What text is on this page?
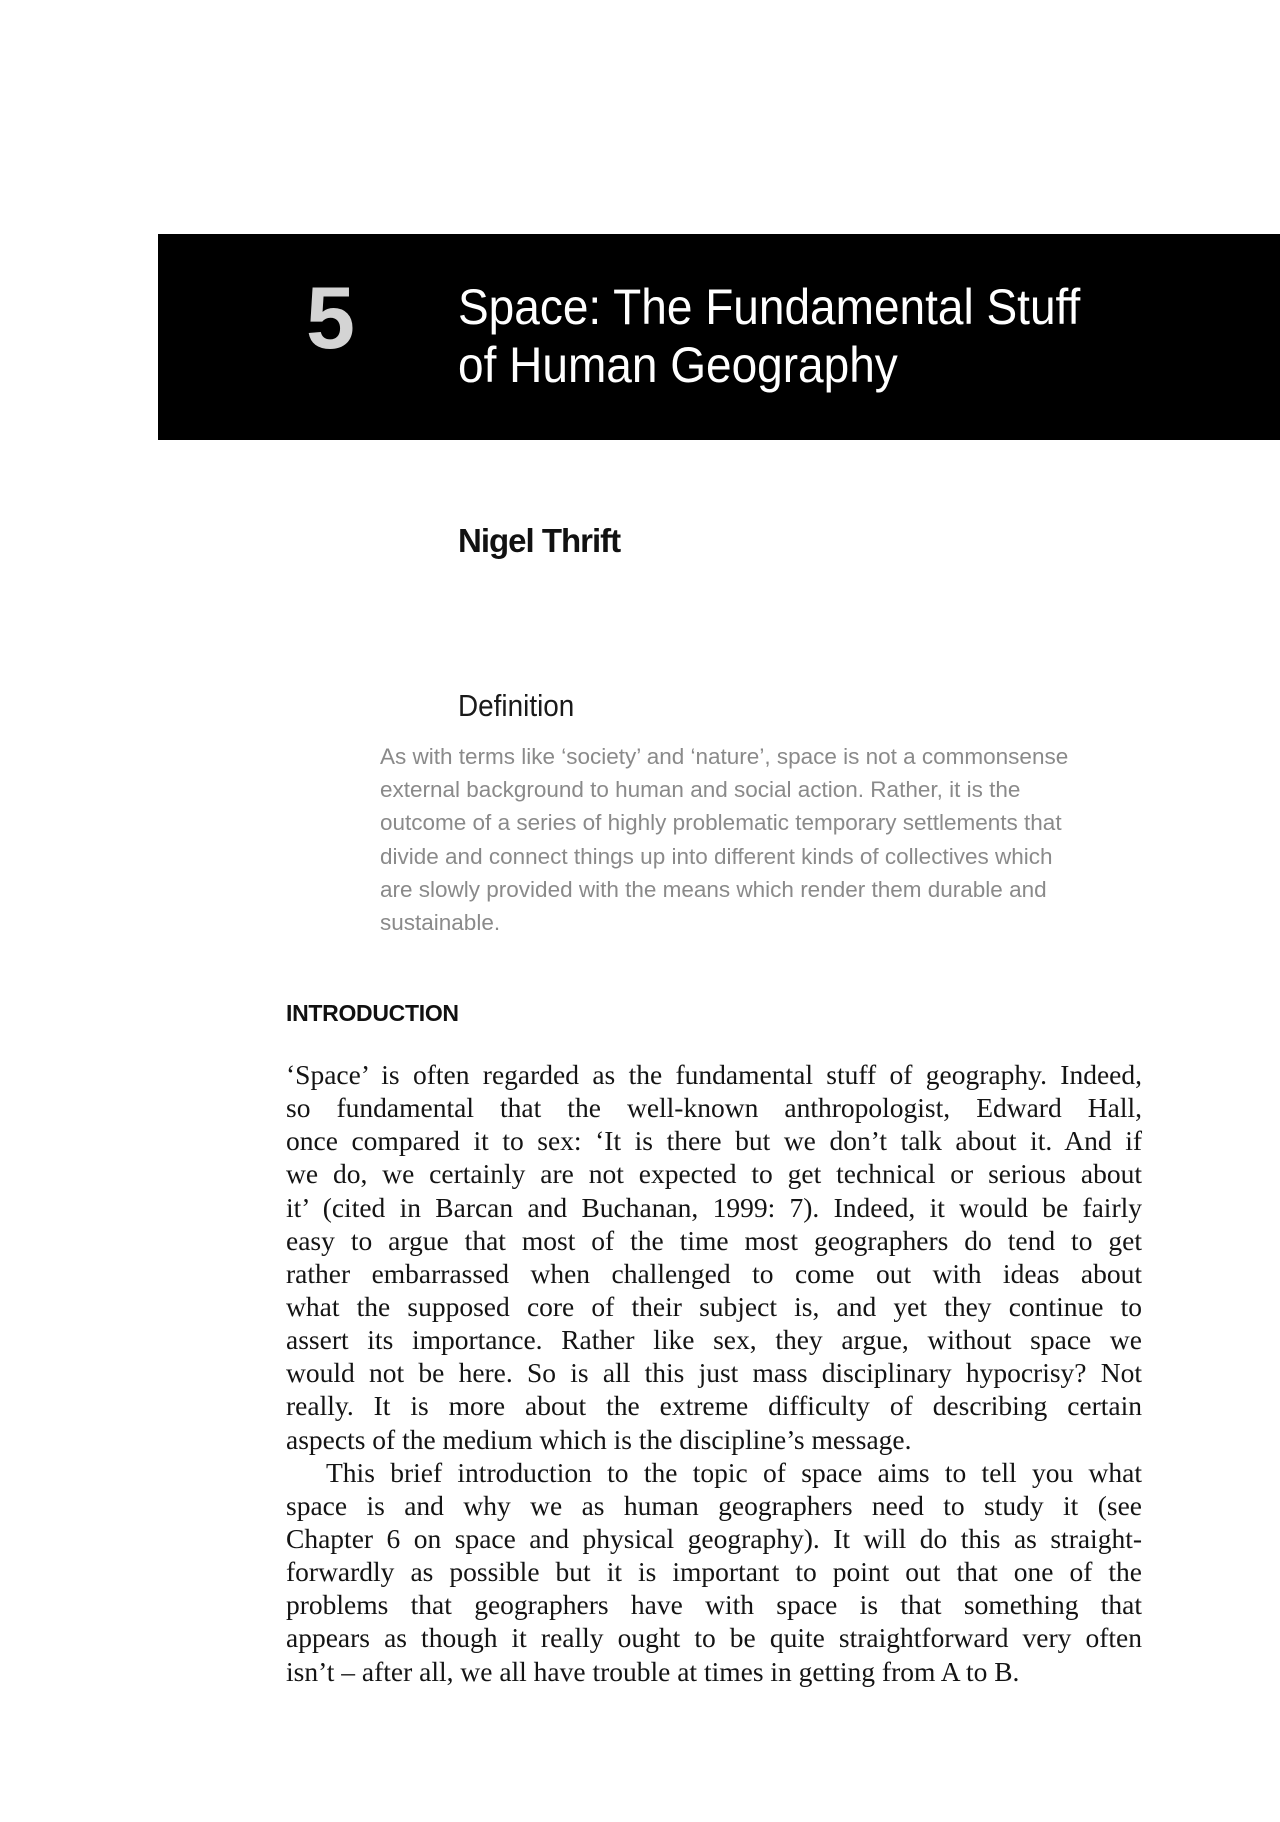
5 Space: The Fundamental Stuff
of Human Geography
Nigel Thrift
Definition
As with terms like ‘society’ and ‘nature’, space is not a commonsense
external background to human and social action. Rather, it is the
outcome of a series of highly problematic temporary settlements that
divide and connect things up into different kinds of collectives which
are slowly provided with the means which render them durable and
sustainable.
INTRODUCTION
‘Space’ is often regarded as the fundamental stuff of geography. Indeed,
so fundamental that the well-known anthropologist, Edward Hall,
once compared it to sex: ‘It is there but we don’t talk about it. And if
we do, we certainly are not expected to get technical or serious about
it’ (cited in Barcan and Buchanan, 1999: 7). Indeed, it would be fairly
easy to argue that most of the time most geographers do tend to get
rather embarrassed when challenged to come out with ideas about
what the supposed core of their subject is, and yet they continue to
assert its importance. Rather like sex, they argue, without space we
would not be here. So is all this just mass disciplinary hypocrisy? Not
really. It is more about the extreme difficulty of describing certain
aspects of the medium which is the discipline’s message.
This brief introduction to the topic of space aims to tell you what
space is and why we as human geographers need to study it (see
Chapter 6 on space and physical geography). It will do this as straight-
forwardly as possible but it is important to point out that one of the
problems that geographers have with space is that something that
appears as though it really ought to be quite straightforward very often
isn’t – after all, we all have trouble at times in getting from A to B.
